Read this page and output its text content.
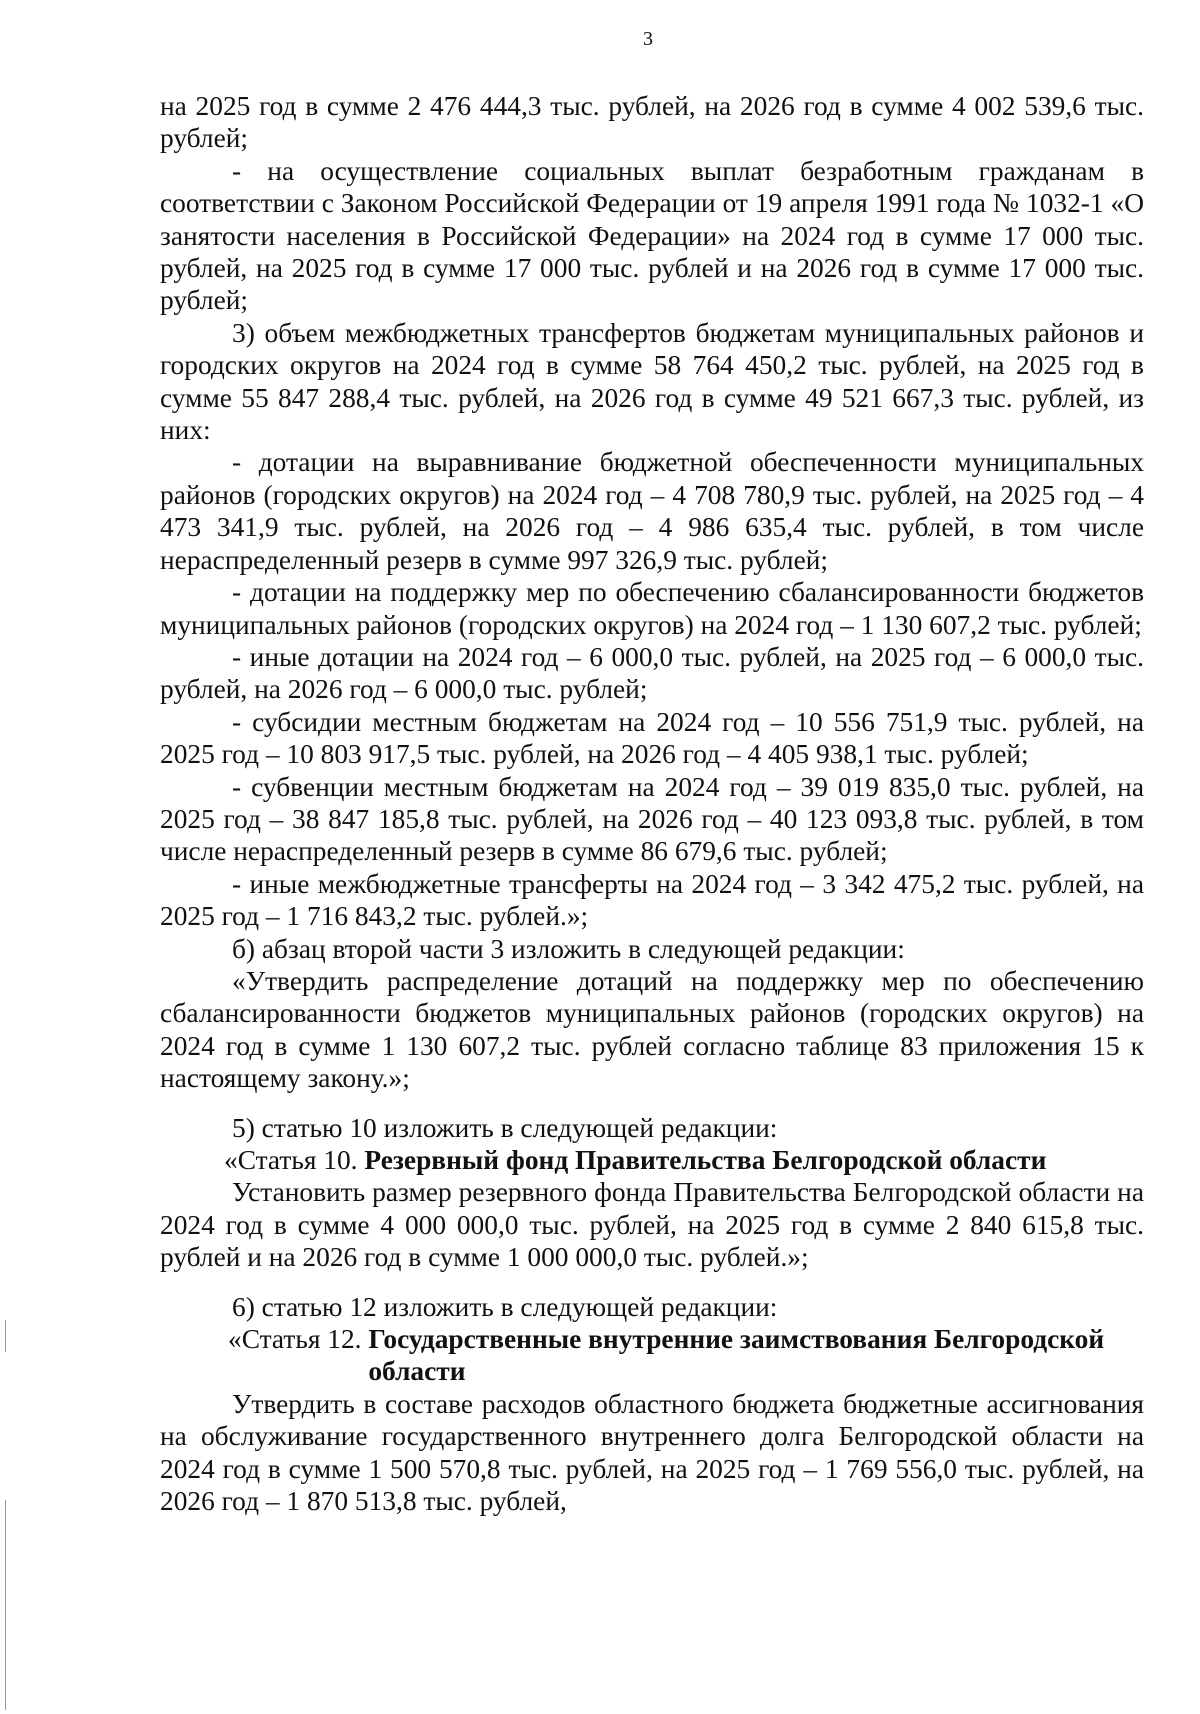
3

на 2025 год в сумме 2 476 444,3 тыс. рублей, на 2026 год в сумме 4 002 539,6 тыс. рублей;

- на осуществление социальных выплат безработным гражданам в соответствии с Законом Российской Федерации от 19 апреля 1991 года № 1032-1 «О занятости населения в Российской Федерации» на 2024 год в сумме 17 000 тыс. рублей, на 2025 год в сумме 17 000 тыс. рублей и на 2026 год в сумме 17 000 тыс. рублей;

3) объем межбюджетных трансфертов бюджетам муниципальных районов и городских округов на 2024 год в сумме 58 764 450,2 тыс. рублей, на 2025 год в сумме 55 847 288,4 тыс. рублей, на 2026 год в сумме 49 521 667,3 тыс. рублей, из них:

- дотации на выравнивание бюджетной обеспеченности муниципальных районов (городских округов) на 2024 год – 4 708 780,9 тыс. рублей, на 2025 год – 4 473 341,9 тыс. рублей, на 2026 год – 4 986 635,4 тыс. рублей, в том числе нераспределенный резерв в сумме 997 326,9 тыс. рублей;

- дотации на поддержку мер по обеспечению сбалансированности бюджетов муниципальных районов (городских округов) на 2024 год – 1 130 607,2 тыс. рублей;

- иные дотации на 2024 год – 6 000,0 тыс. рублей, на 2025 год – 6 000,0 тыс. рублей, на 2026 год – 6 000,0 тыс. рублей;

- субсидии местным бюджетам на 2024 год – 10 556 751,9 тыс. рублей, на 2025 год – 10 803 917,5 тыс. рублей, на 2026 год – 4 405 938,1 тыс. рублей;

- субвенции местным бюджетам на 2024 год – 39 019 835,0 тыс. рублей, на 2025 год – 38 847 185,8 тыс. рублей, на 2026 год – 40 123 093,8 тыс. рублей, в том числе нераспределенный резерв в сумме 86 679,6 тыс. рублей;

- иные межбюджетные трансферты на 2024 год – 3 342 475,2 тыс. рублей, на 2025 год – 1 716 843,2 тыс. рублей.»;

б) абзац второй части 3 изложить в следующей редакции:

«Утвердить распределение дотаций на поддержку мер по обеспечению сбалансированности бюджетов муниципальных районов (городских округов) на 2024 год в сумме 1 130 607,2 тыс. рублей согласно таблице 83 приложения 15 к настоящему закону.»;

5) статью 10 изложить в следующей редакции:

«Статья 10. Резервный фонд Правительства Белгородской области

Установить размер резервного фонда Правительства Белгородской области на 2024 год в сумме 4 000 000,0 тыс. рублей, на 2025 год в сумме 2 840 615,8 тыс. рублей и на 2026 год в сумме 1 000 000,0 тыс. рублей.»;

6) статью 12 изложить в следующей редакции:

«Статья 12. Государственные внутренние заимствования Белгородской области

Утвердить в составе расходов областного бюджета бюджетные ассигнования на обслуживание государственного внутреннего долга Белгородской области на 2024 год в сумме 1 500 570,8 тыс. рублей, на 2025 год – 1 769 556,0 тыс. рублей, на 2026 год – 1 870 513,8 тыс. рублей,
